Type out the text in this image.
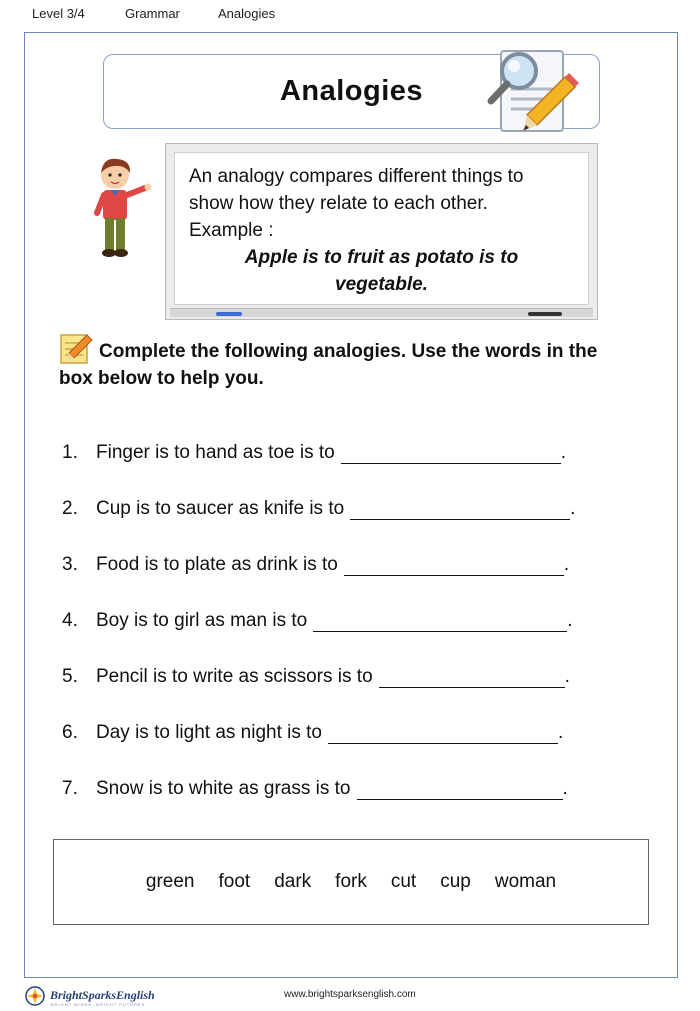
Level 3/4	Grammar	Analogies
Analogies
An analogy compares different things to
show how they relate to each other.
Example :
Apple is to fruit as potato is to
vegetable.
Complete the following analogies. Use the words in the
box below to help you.
1. Finger is to hand as toe is to	.
2. Cup is to saucer as knife is to	.
3. Food is to plate as drink is to	.
4. Boy is to girl as man is to	.
5. Pencil is to write as scissors is to	.
6. Day is to light as night is to	.
7. Snow is to white as grass is to	.
green foot dark fork cut cup woman
BrightSparksEnglish
BRIGHT MINDS, BRIGHT FUTURES
www.brightsparksenglish.com
